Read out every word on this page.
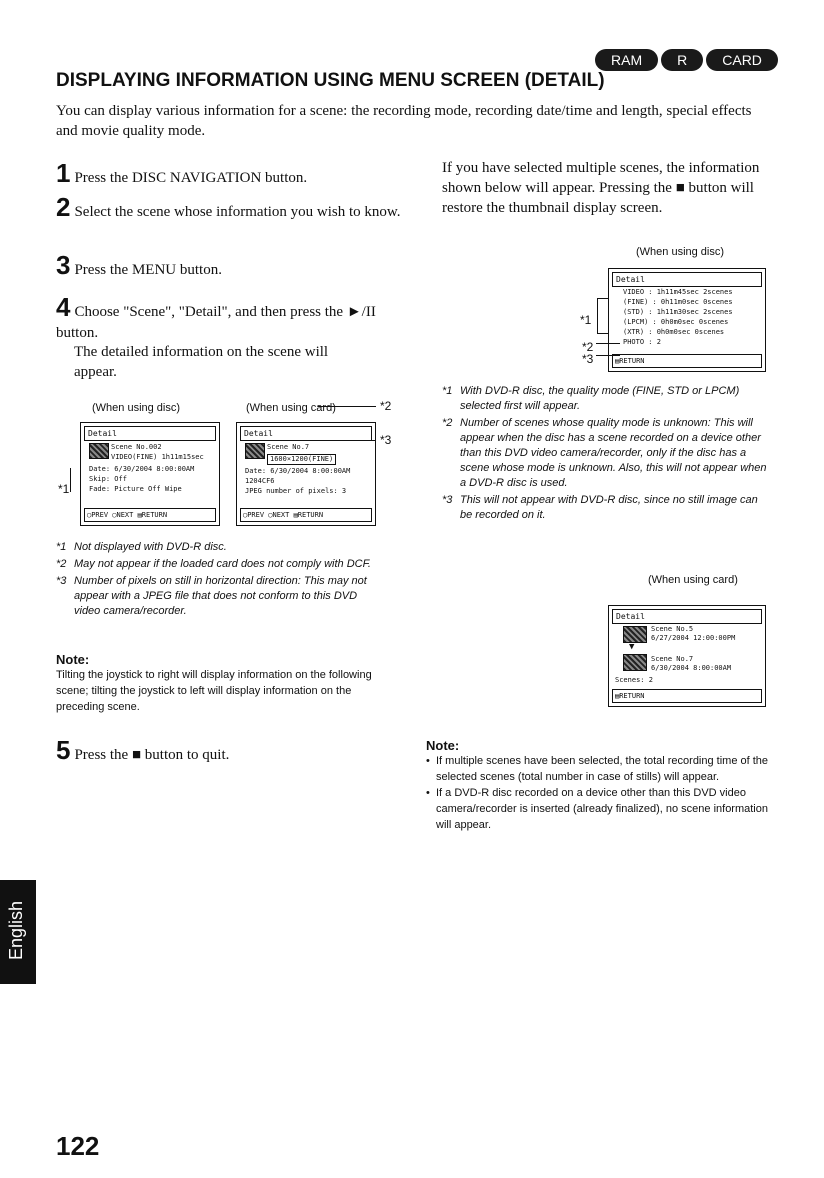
RAM	R	CARD
DISPLAYING INFORMATION USING MENU SCREEN (DETAIL)
You can display various information for a scene: the recording mode, recording date/time and length, special effects and movie quality mode.
1 Press the DISC NAVIGATION button.
2 Select the scene whose information you wish to know.
3 Press the MENU button.
4 Choose "Scene", "Detail", and then press the ►/II button.
The detailed information on the scene will appear.
(When using disc)	(When using card)
Detail
Scene No.002
VIDEO(FINE) 1h11m15sec
Date: 6/30/2004 8:00:00AM
Skip: Off
Fade: Picture Off Wipe
◯PREV ◯NEXT ▤RETURN
*1
Detail
Scene No.7
1600×1200(FINE)
Date: 6/30/2004 8:00:00AM
1204CF6
JPEG number of pixels: 3
◯PREV ◯NEXT ▤RETURN
*2
*3
*1 Not displayed with DVD-R disc.
*2 May not appear if the loaded card does not comply with DCF.
*3 Number of pixels on still in horizontal direction: This may not appear with a JPEG file that does not conform to this DVD video camera/recorder.
Note:
Tilting the joystick to right will display information on the following scene; tilting the joystick to left will display information on the preceding scene.
5 Press the ■ button to quit.
If you have selected multiple scenes, the information shown below will appear. Pressing the ■ button will restore the thumbnail display screen.
(When using disc)
Detail
VIDEO : 1h11m45sec 2scenes
(FINE) : 0h11m0sec 0scenes
(STD) : 1h11m30sec 2scenes
(LPCM) : 0h0m0sec 0scenes
(XTR) : 0h0m0sec 0scenes
PHOTO : 2
▤RETURN
*1
*2
*3
*1 With DVD-R disc, the quality mode (FINE, STD or LPCM) selected first will appear.
*2 Number of scenes whose quality mode is unknown: This will appear when the disc has a scene recorded on a device other than this DVD video camera/recorder, only if the disc has a scene whose mode is unknown. Also, this will not appear when a DVD-R disc is used.
*3 This will not appear with DVD-R disc, since no still image can be recorded on it.
(When using card)
Detail
Scene No.5
6/27/2004 12:00:00PM
▼
Scene No.7
6/30/2004 8:00:00AM
Scenes: 2
▤RETURN
Note:
• If multiple scenes have been selected, the total recording time of the selected scenes (total number in case of stills) will appear.
• If a DVD-R disc recorded on a device other than this DVD video camera/recorder is inserted (already finalized), no scene information will appear.
English
122
